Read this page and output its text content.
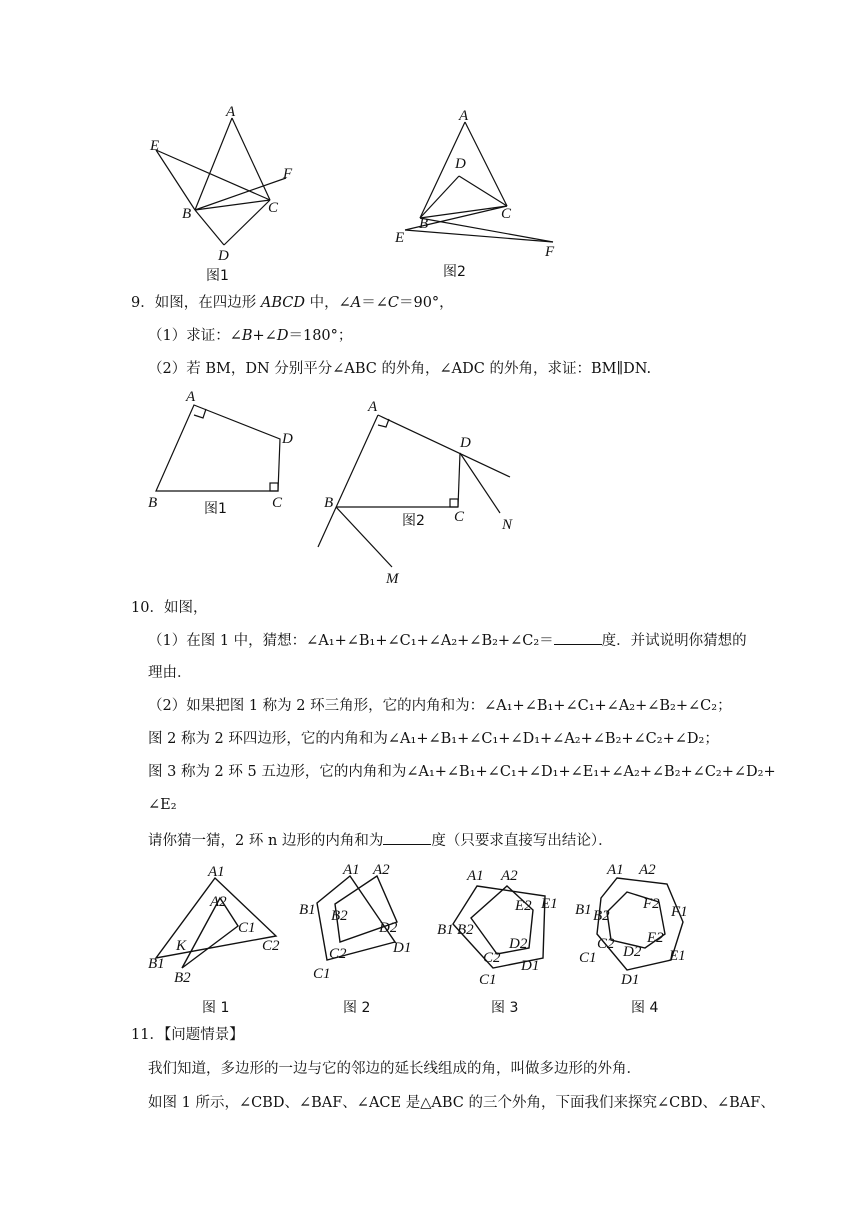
A
E
F
B	C
D
图1
A
D
B
C
E
F
图2
9．如图，在四边形 ABCD 中，∠A＝∠C＝90°，
（1）求证：∠B+∠D＝180°；
（2）若 BM，DN 分别平分∠ABC 的外角，∠ADC 的外角，求证：BM∥DN.
A
D
B	C
图1
A
D
B
C	N
M
图2
10．如图，
（1）在图 1 中，猜想：∠A₁+∠B₁+∠C₁+∠A₂+∠B₂+∠C₂＝	度．并试说明你猜想的
理由．
（2）如果把图 1 称为 2 环三角形，它的内角和为：∠A₁+∠B₁+∠C₁+∠A₂+∠B₂+∠C₂；
图 2 称为 2 环四边形，它的内角和为∠A₁+∠B₁+∠C₁+∠D₁+∠A₂+∠B₂+∠C₂+∠D₂；
图 3 称为 2 环 5 五边形，它的内角和为∠A₁+∠B₁+∠C₁+∠D₁+∠E₁+∠A₂+∠B₂+∠C₂+∠D₂+
∠E₂
请你猜一猜，2 环 n 边形的内角和为	度（只要求直接写出结论）．
A1
A2
C1
C2
K
B1
B2
图 1
A1 A2
B1 B2
D2
C2	D1
C1
图 2
A1 A2
E2 E1
B1 B2
C2
D2
D1
C1
图 3
A1 A2
F2 F1
B1 B2
E2
C2 D2 E1
C1
D1
图 4
11．【问题情景】
我们知道，多边形的一边与它的邻边的延长线组成的角，叫做多边形的外角．
如图 1 所示，∠CBD、∠BAF、∠ACE 是△ABC 的三个外角，下面我们来探究∠CBD、∠BAF、
